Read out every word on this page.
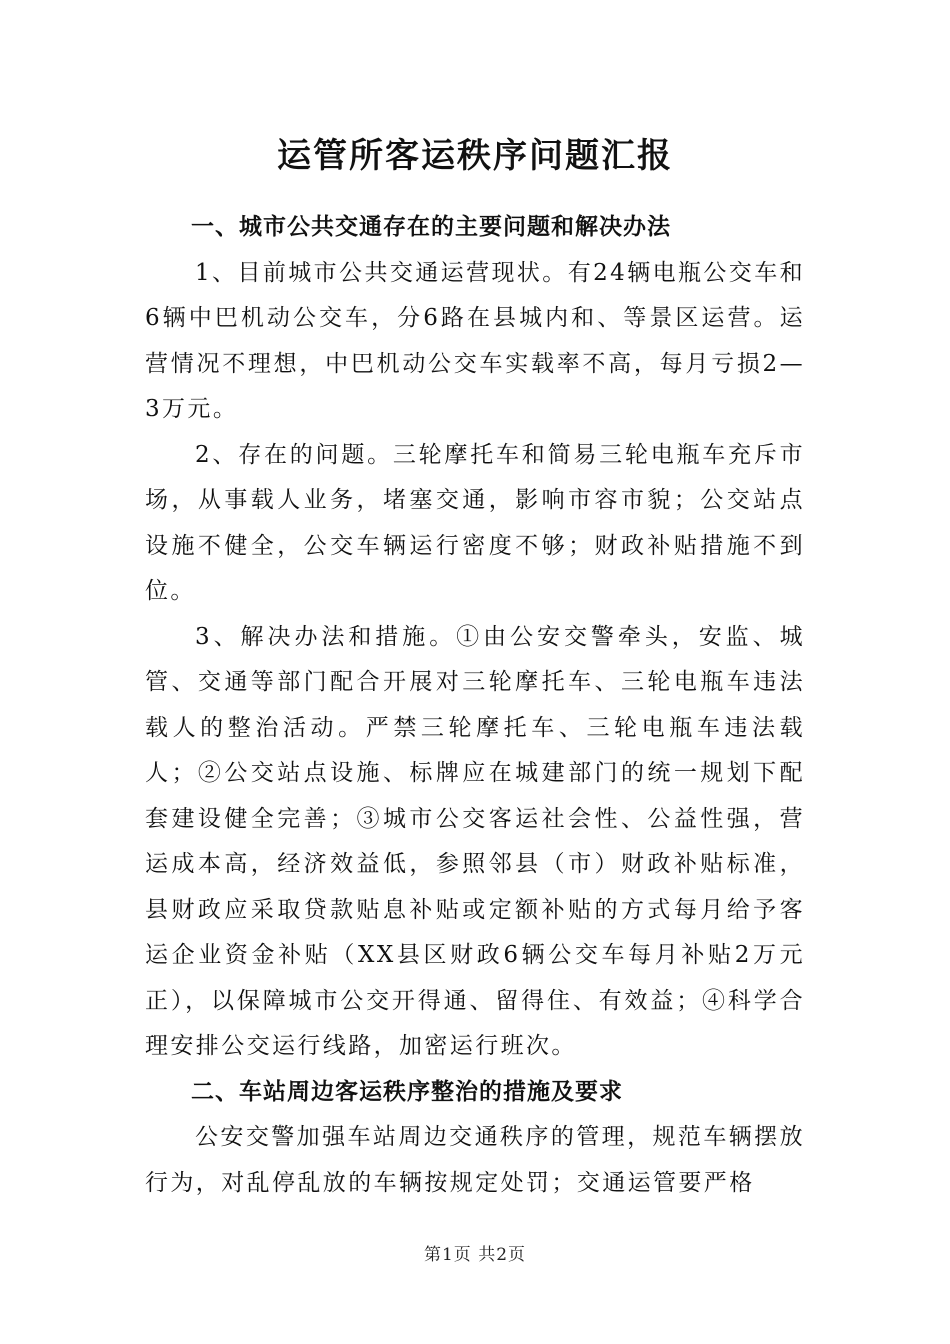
运管所客运秩序问题汇报

一、城市公共交通存在的主要问题和解决办法

1、目前城市公共交通运营现状。有24辆电瓶公交车和6辆中巴机动公交车，分6路在县城内和、等景区运营。运营情况不理想，中巴机动公交车实载率不高，每月亏损2—3万元。

2、存在的问题。三轮摩托车和简易三轮电瓶车充斥市场，从事载人业务，堵塞交通，影响市容市貌；公交站点设施不健全，公交车辆运行密度不够；财政补贴措施不到位。

3、解决办法和措施。①由公安交警牵头，安监、城管、交通等部门配合开展对三轮摩托车、三轮电瓶车违法载人的整治活动。严禁三轮摩托车、三轮电瓶车违法载人；②公交站点设施、标牌应在城建部门的统一规划下配套建设健全完善；③城市公交客运社会性、公益性强，营运成本高，经济效益低，参照邻县（市）财政补贴标准，县财政应采取贷款贴息补贴或定额补贴的方式每月给予客运企业资金补贴（XX县区财政6辆公交车每月补贴2万元正），以保障城市公交开得通、留得住、有效益；④科学合理安排公交运行线路，加密运行班次。

二、车站周边客运秩序整治的措施及要求

公安交警加强车站周边交通秩序的管理，规范车辆摆放行为，对乱停乱放的车辆按规定处罚；交通运管要严格

第1页 共2页
